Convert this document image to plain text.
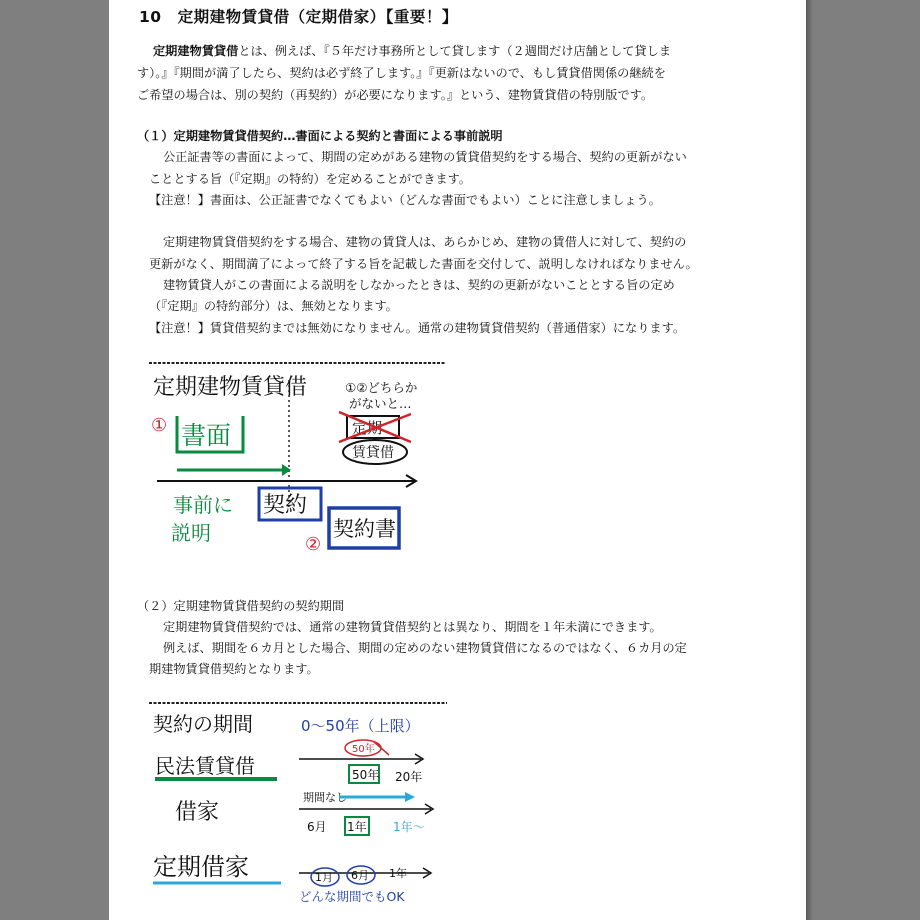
10　定期建物賃貸借（定期借家）【重要！】
定期建物賃貸借とは、例えば、『５年だけ事務所として貸します（２週間だけ店舗として貸しま
す）。』『期間が満了したら、契約は必ず終了します。』『更新はないので、もし賃貸借関係の継続を
ご希望の場合は、別の契約（再契約）が必要になります。』という、建物賃貸借の特別版です。
（１）定期建物賃貸借契約…書面による契約と書面による事前説明
公正証書等の書面によって、期間の定めがある建物の賃貸借契約をする場合、契約の更新がない
こととする旨（『定期』の特約）を定めることができます。
【注意！】書面は、公正証書でなくてもよい（どんな書面でもよい）ことに注意しましょう。
定期建物賃貸借契約をする場合、建物の賃貸人は、あらかじめ、建物の賃借人に対して、契約の
更新がなく、期間満了によって終了する旨を記載した書面を交付して、説明しなければなりません。
建物賃貸人がこの書面による説明をしなかったときは、契約の更新がないこととする旨の定め
（『定期』の特約部分）は、無効となります。
【注意！】賃貸借契約までは無効になりません。通常の建物賃貸借契約（普通借家）になります。
定期建物賃貸借
① 書面
事前に
説明
契約
②
契約書
①②どちらか
がないと…
定期
賃貸借
（２）定期建物賃貸借契約の契約期間
定期建物賃貸借契約では、通常の建物賃貸借契約とは異なり、期間を１年未満にできます。
例えば、期間を６カ月とした場合、期間の定めのない建物賃貸借になるのではなく、６カ月の定
期建物賃貸借契約となります。
契約の期間	0～50年（上限）
民法賃貸借
50年
50年 20年
借家
期間なし
6月 1年 1年～
定期借家	1月 6月 1年
どんな期間でもOK
